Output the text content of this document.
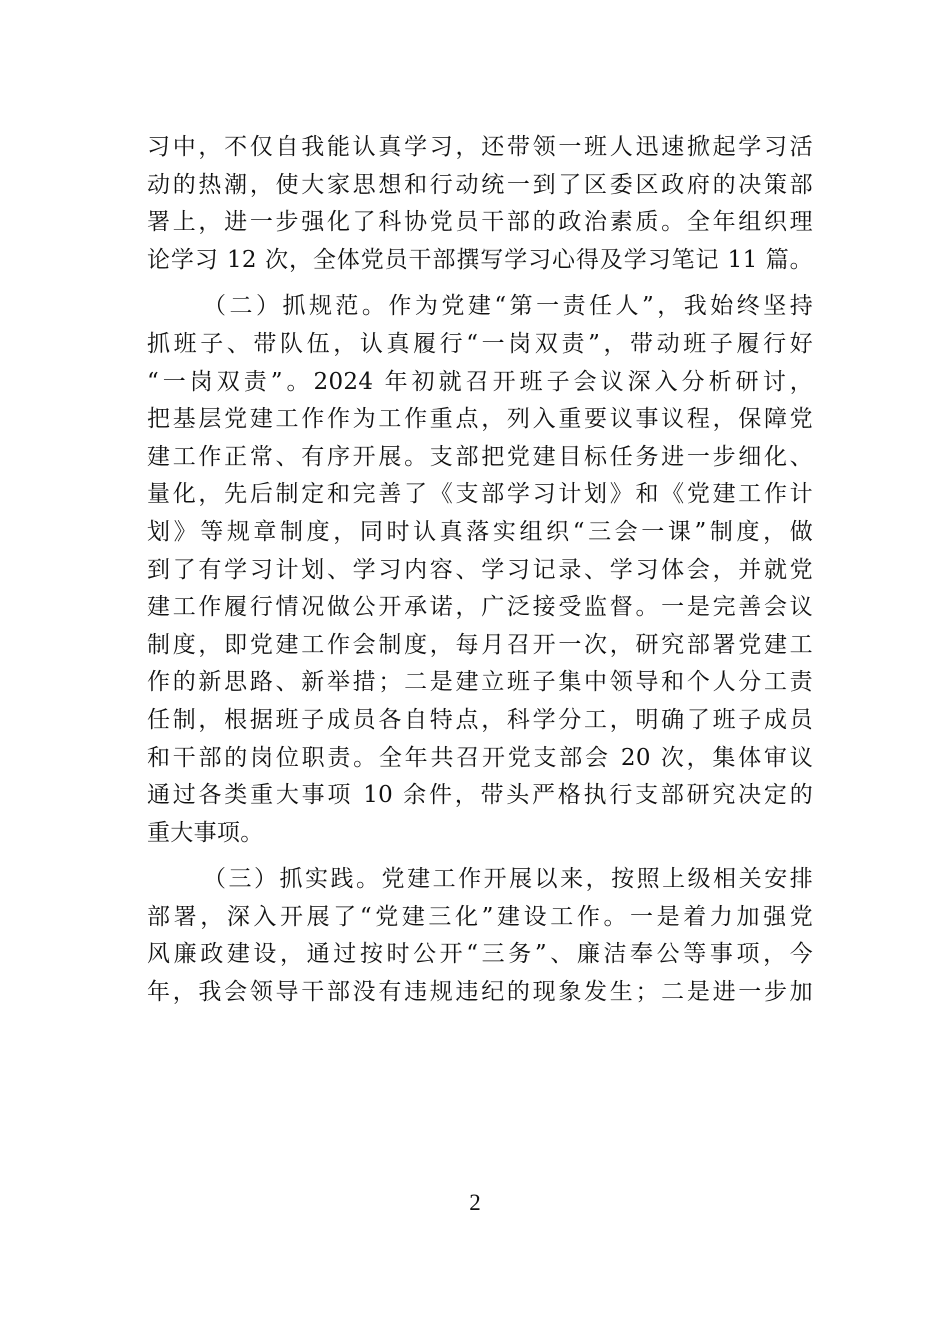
习中，不仅自我能认真学习，还带领一班人迅速掀起学习活
动的热潮，使大家思想和行动统一到了区委区政府的决策部
署上，进一步强化了科协党员干部的政治素质。全年组织理
论学习 12 次，全体党员干部撰写学习心得及学习笔记 11 篇。
（二）抓规范。作为党建“第一责任人”，我始终坚持
抓班子、带队伍，认真履行“一岗双责”，带动班子履行好
“一岗双责”。2024 年初就召开班子会议深入分析研讨，
把基层党建工作作为工作重点，列入重要议事议程，保障党
建工作正常、有序开展。支部把党建目标任务进一步细化、
量化，先后制定和完善了《支部学习计划》和《党建工作计
划》等规章制度，同时认真落实组织“三会一课”制度，做
到了有学习计划、学习内容、学习记录、学习体会，并就党
建工作履行情况做公开承诺，广泛接受监督。一是完善会议
制度，即党建工作会制度，每月召开一次，研究部署党建工
作的新思路、新举措；二是建立班子集中领导和个人分工责
任制，根据班子成员各自特点，科学分工，明确了班子成员
和干部的岗位职责。全年共召开党支部会 20 次，集体审议
通过各类重大事项 10 余件，带头严格执行支部研究决定的
重大事项。
（三）抓实践。党建工作开展以来，按照上级相关安排
部署，深入开展了“党建三化”建设工作。一是着力加强党
风廉政建设，通过按时公开“三务”、廉洁奉公等事项，今
年，我会领导干部没有违规违纪的现象发生；二是进一步加
2
